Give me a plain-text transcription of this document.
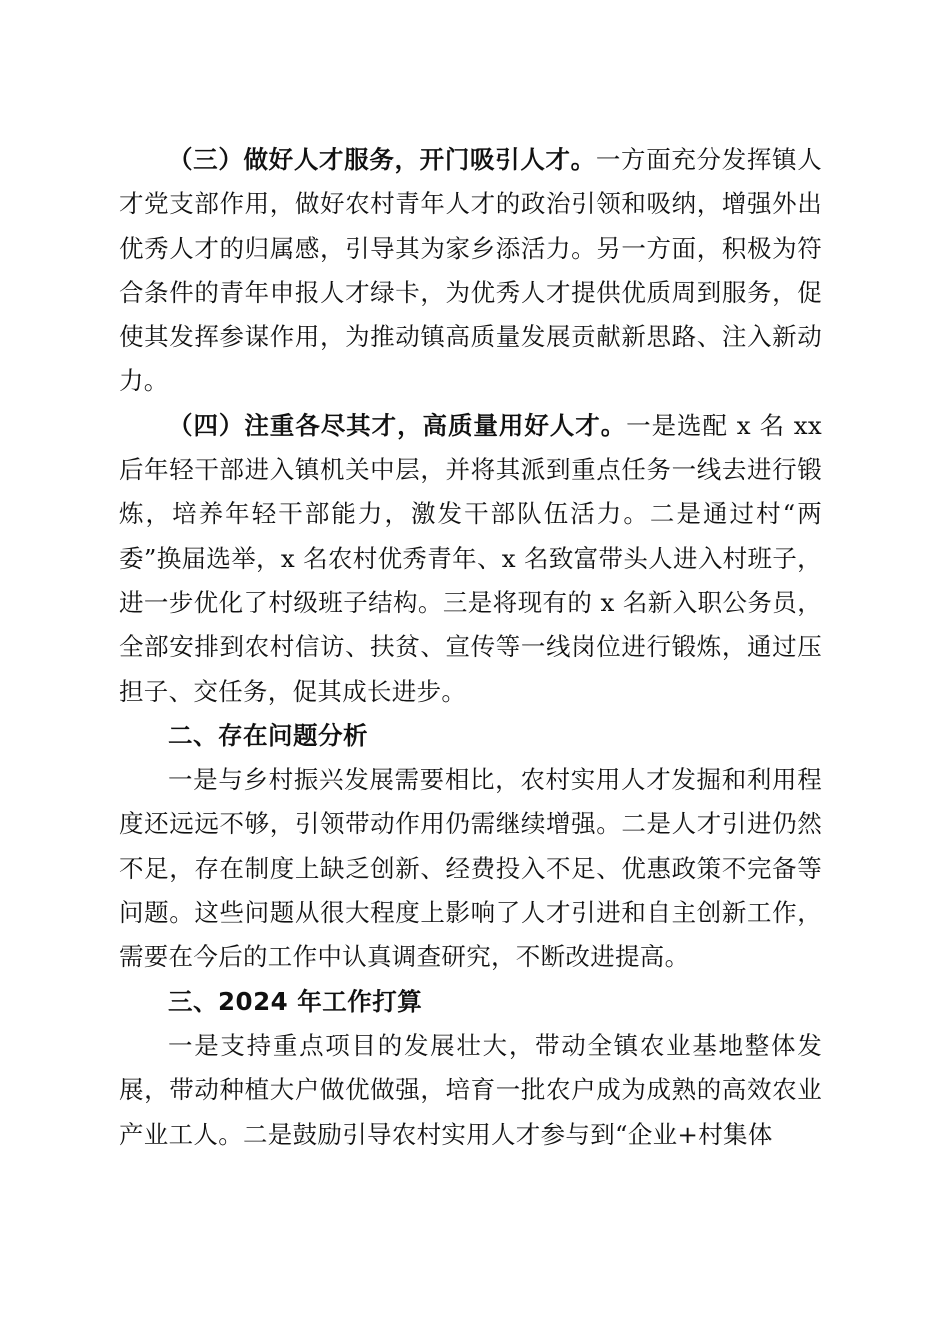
（三）做好人才服务，开门吸引人才。一方面充分发挥镇人才党支部作用，做好农村青年人才的政治引领和吸纳，增强外出优秀人才的归属感，引导其为家乡添活力。另一方面，积极为符合条件的青年申报人才绿卡，为优秀人才提供优质周到服务，促使其发挥参谋作用，为推动镇高质量发展贡献新思路、注入新动力。

（四）注重各尽其才，高质量用好人才。一是选配 x 名 xx 后年轻干部进入镇机关中层，并将其派到重点任务一线去进行锻炼，培养年轻干部能力，激发干部队伍活力。二是通过村“两委”换届选举，x 名农村优秀青年、x 名致富带头人进入村班子，进一步优化了村级班子结构。三是将现有的 x 名新入职公务员，全部安排到农村信访、扶贫、宣传等一线岗位进行锻炼，通过压担子、交任务，促其成长进步。

二、存在问题分析

一是与乡村振兴发展需要相比，农村实用人才发掘和利用程度还远远不够，引领带动作用仍需继续增强。二是人才引进仍然不足，存在制度上缺乏创新、经费投入不足、优惠政策不完备等问题。这些问题从很大程度上影响了人才引进和自主创新工作，需要在今后的工作中认真调查研究，不断改进提高。

三、2024 年工作打算

一是支持重点项目的发展壮大，带动全镇农业基地整体发展，带动种植大户做优做强，培育一批农户成为成熟的高效农业产业工人。二是鼓励引导农村实用人才参与到“企业+村集体
